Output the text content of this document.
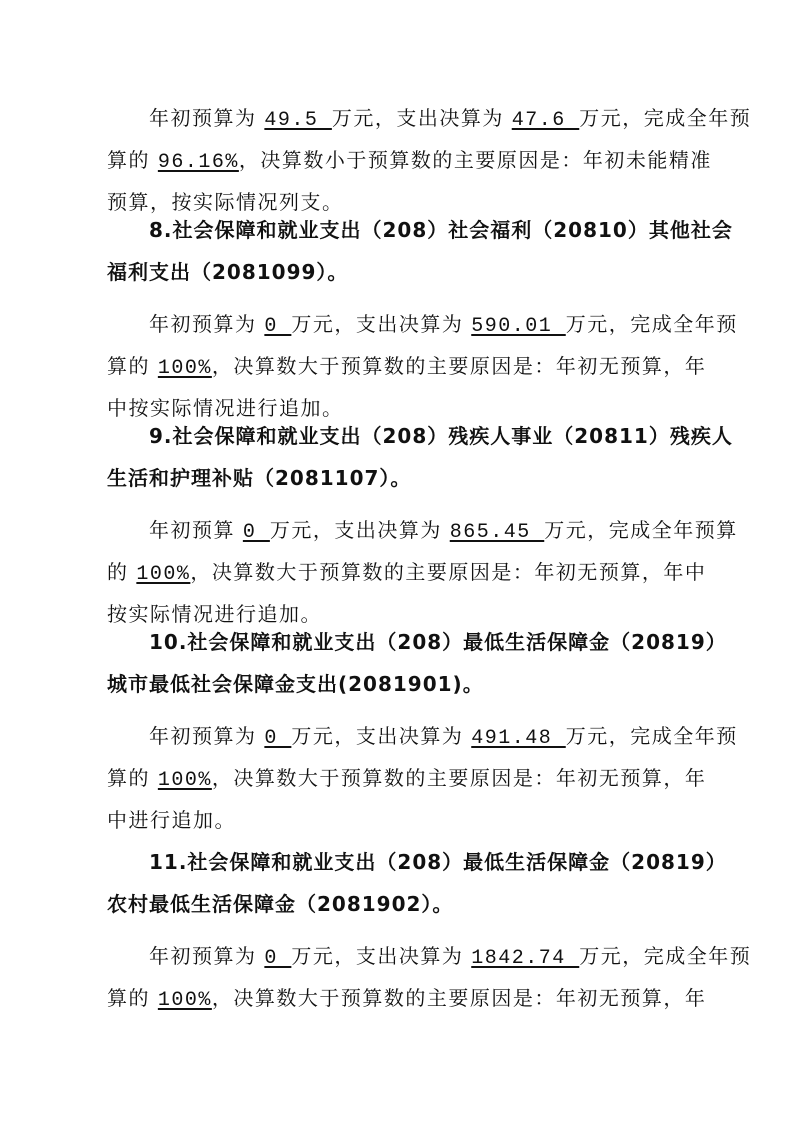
年初预算为 49.5 万元，支出决算为 47.6 万元，完成全年预
算的 96.16%，决算数小于预算数的主要原因是：年初未能精准
预算，按实际情况列支。
8.社会保障和就业支出（208）社会福利（20810）其他社会
福利支出（2081099）。
年初预算为 0 万元，支出决算为 590.01 万元，完成全年预
算的 100%，决算数大于预算数的主要原因是：年初无预算，年
中按实际情况进行追加。
9.社会保障和就业支出（208）残疾人事业（20811）残疾人
生活和护理补贴（2081107）。
年初预算 0 万元，支出决算为 865.45 万元，完成全年预算
的 100%，决算数大于预算数的主要原因是：年初无预算，年中
按实际情况进行追加。
10.社会保障和就业支出（208）最低生活保障金（20819）
城市最低社会保障金支出(2081901)。
年初预算为 0 万元，支出决算为 491.48 万元，完成全年预
算的 100%，决算数大于预算数的主要原因是：年初无预算，年
中进行追加。
11.社会保障和就业支出（208）最低生活保障金（20819）
农村最低生活保障金（2081902）。
年初预算为 0 万元，支出决算为 1842.74 万元，完成全年预
算的 100%，决算数大于预算数的主要原因是：年初无预算，年
